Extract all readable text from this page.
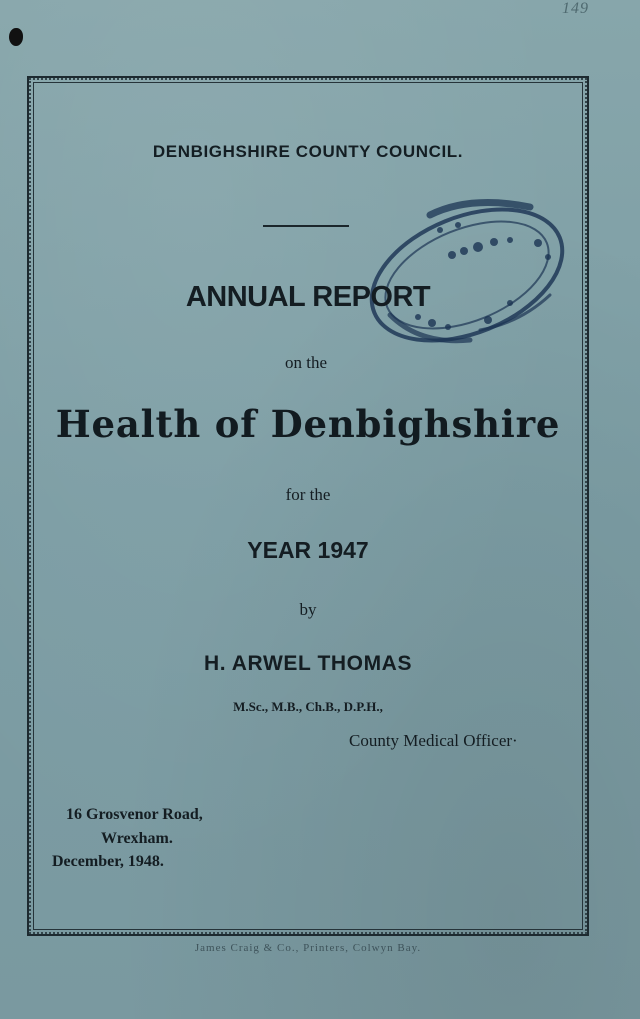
149
DENBIGHSHIRE COUNTY COUNCIL.
ANNUAL REPORT
on the
Health of Denbighshire
for the
YEAR 1947
by
H. ARWEL THOMAS
M.Sc., M.B., Ch.B., D.P.H.,
County Medical Officer·
16 Grosvenor Road,
Wrexham.
December, 1948.
James Craig & Co., Printers, Colwyn Bay.
